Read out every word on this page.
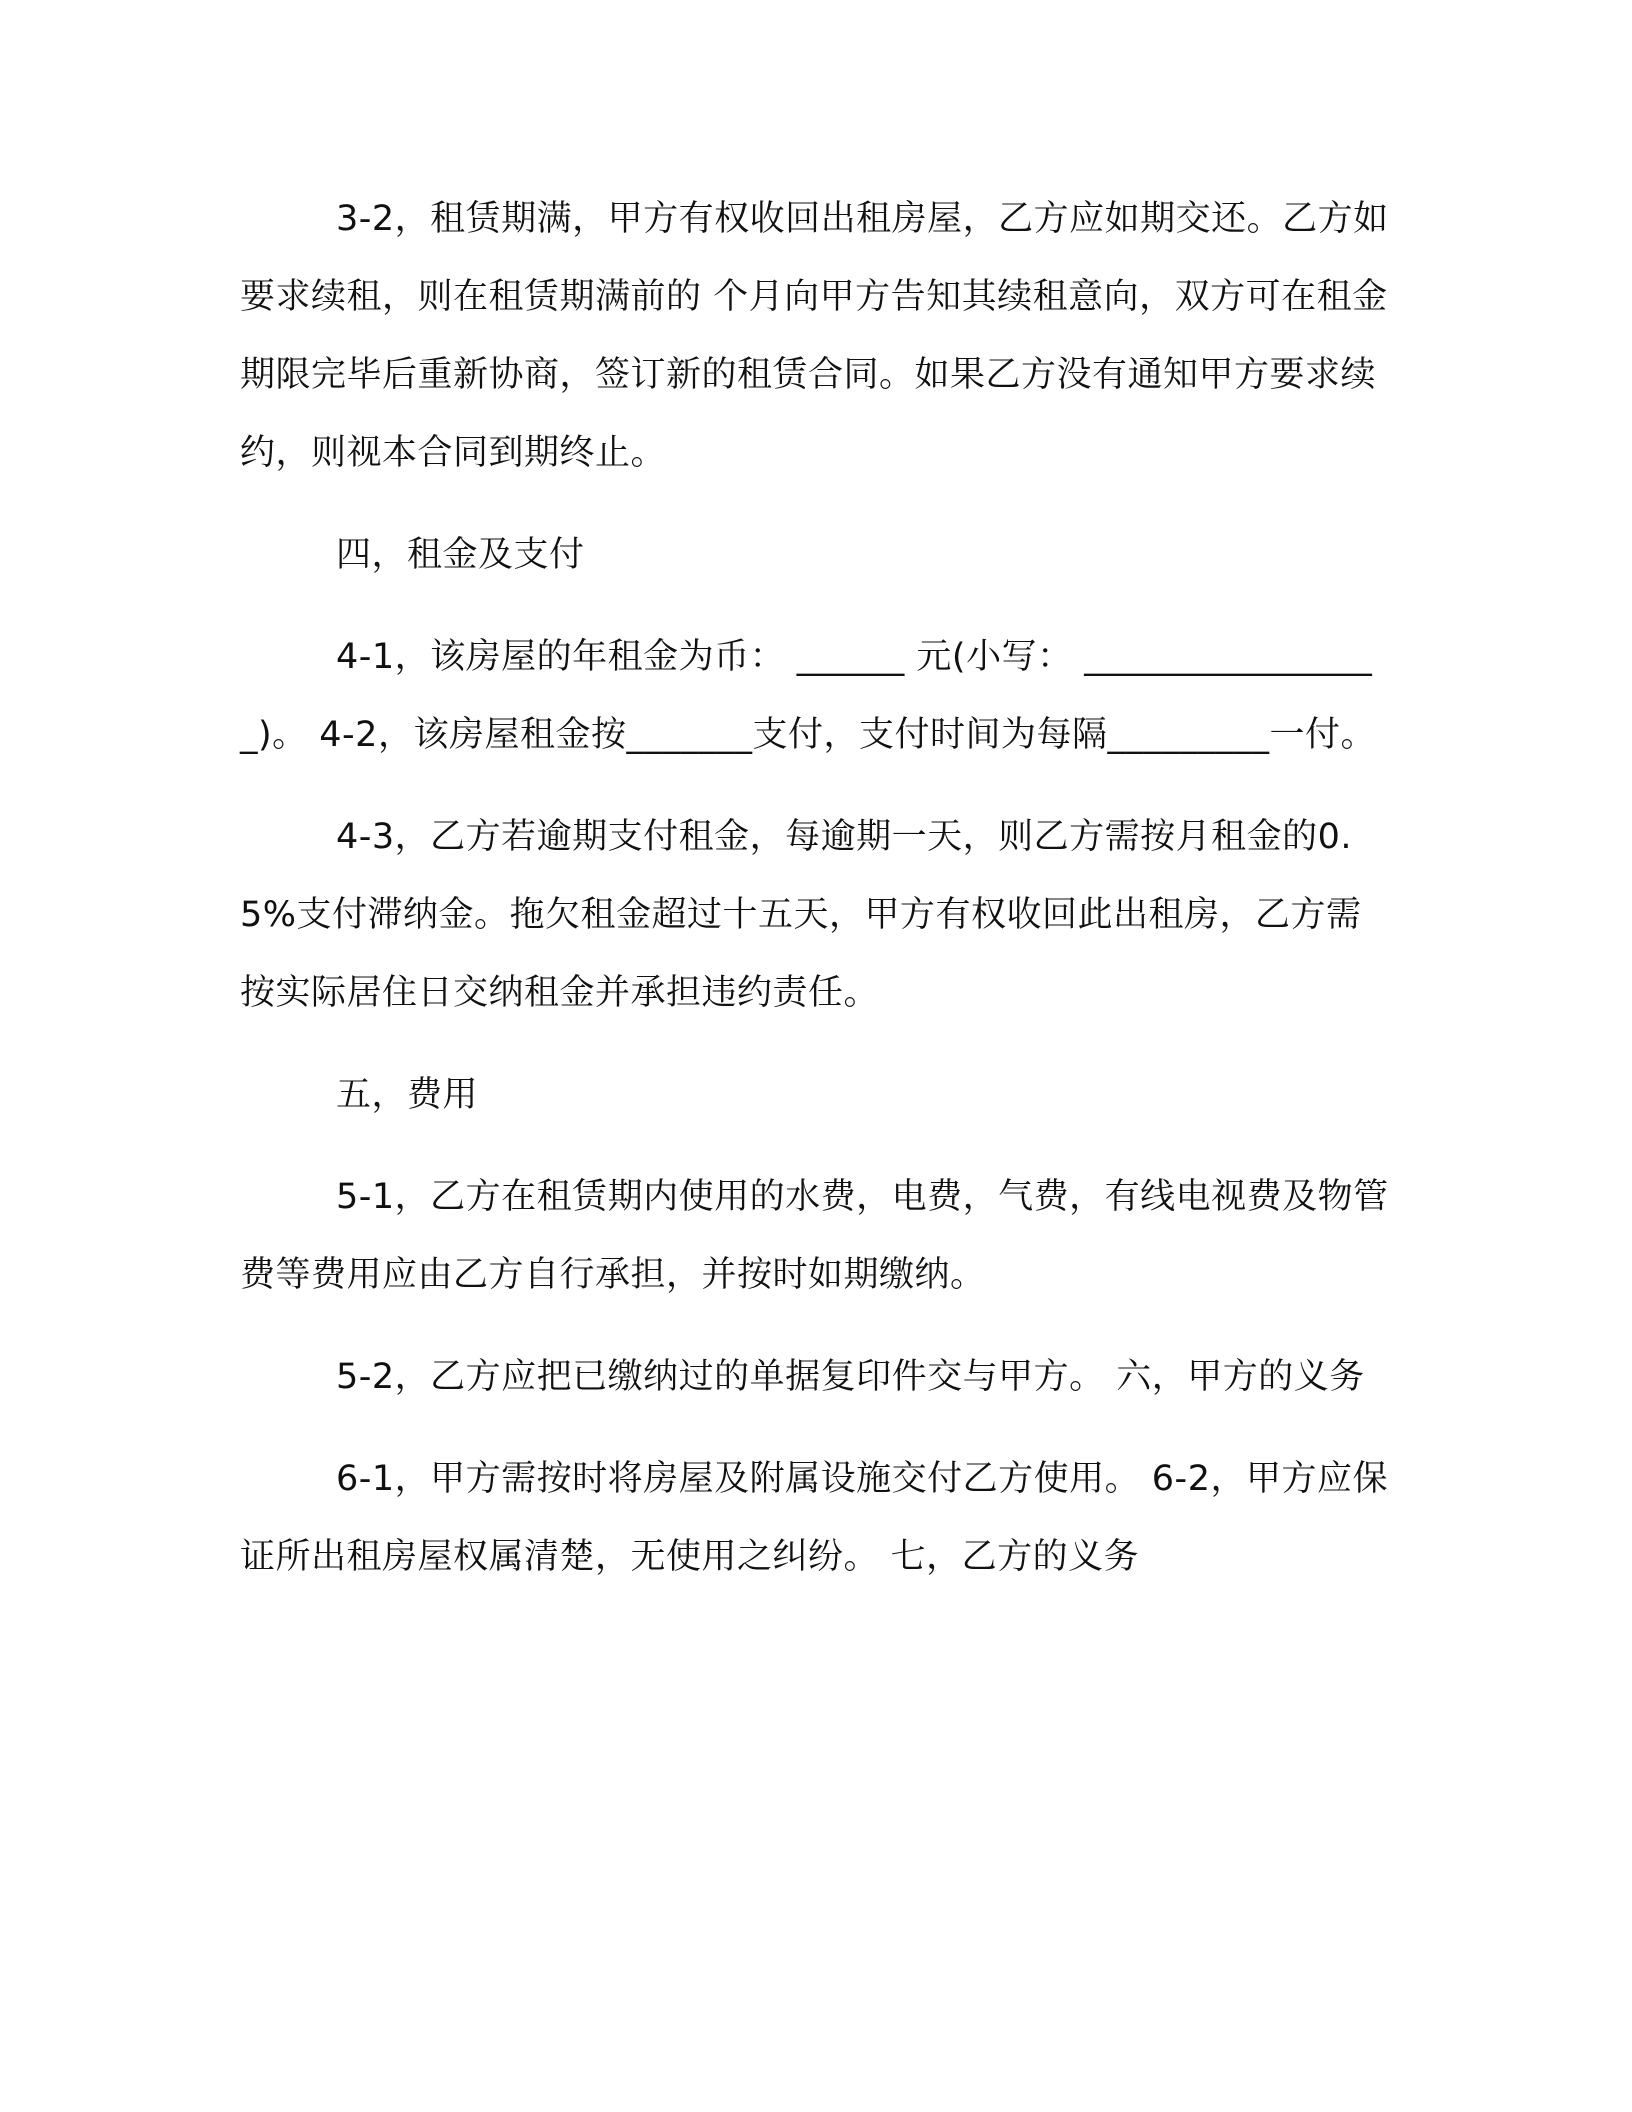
3-2，租赁期满，甲方有权收回出租房屋，乙方应如期交还。乙方如要求续租，则在租赁期满前的 个月向甲方告知其续租意向，双方可在租金期限完毕后重新协商，签订新的租赁合同。如果乙方没有通知甲方要求续约，则视本合同到期终止。

四，租金及支付

4-1，该房屋的年租金为币： ______ 元(小写： _________________)。 4-2，该房屋租金按_______支付，支付时间为每隔_________一付。

4-3，乙方若逾期支付租金，每逾期一天，则乙方需按月租金的0.5%支付滞纳金。拖欠租金超过十五天，甲方有权收回此出租房，乙方需按实际居住日交纳租金并承担违约责任。

五，费用

5-1，乙方在租赁期内使用的水费，电费，气费，有线电视费及物管费等费用应由乙方自行承担，并按时如期缴纳。

5-2，乙方应把已缴纳过的单据复印件交与甲方。 六，甲方的义务

6-1，甲方需按时将房屋及附属设施交付乙方使用。 6-2，甲方应保证所出租房屋权属清楚，无使用之纠纷。 七，乙方的义务
